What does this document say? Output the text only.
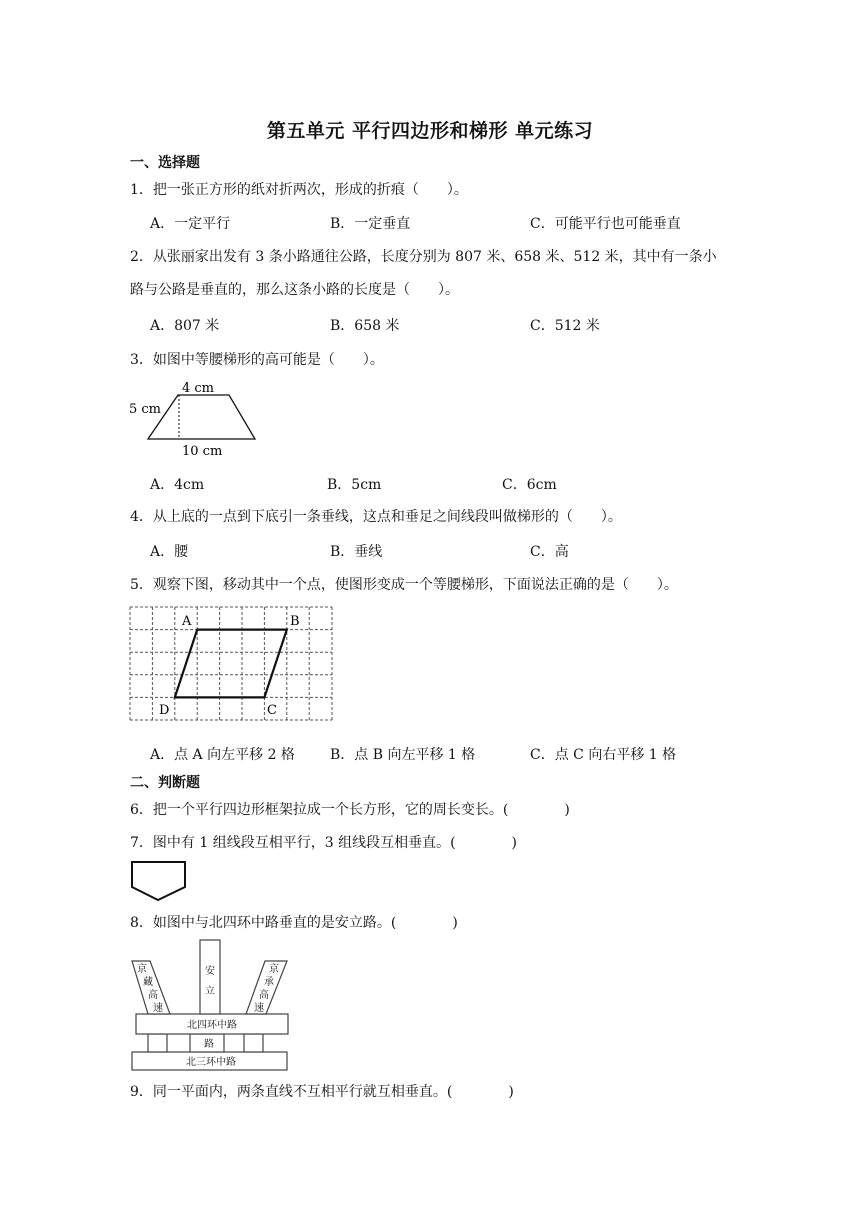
第五单元 平行四边形和梯形 单元练习
一、选择题
1．把一张正方形的纸对折两次，形成的折痕（　　）。
A．一定平行	B．一定垂直	C．可能平行也可能垂直
2．从张丽家出发有 3 条小路通往公路，长度分别为 807 米、658 米、512 米，其中有一条小
路与公路是垂直的，那么这条小路的长度是（　　）。
A．807 米	B．658 米	C．512 米
3．如图中等腰梯形的高可能是（　　）。
4 cm
5 cm
10 cm
A．4cm	B．5cm	C．6cm
4．从上底的一点到下底引一条垂线，这点和垂足之间线段叫做梯形的（　　）。
A．腰	B．垂线	C．高
5．观察下图，移动其中一个点，使图形变成一个等腰梯形，下面说法正确的是（　　）。
A	B
C
D
A．点 A 向左平移 2 格	B．点 B 向左平移 1 格	C．点 C 向右平移 1 格
二、判断题
6．把一个平行四边形框架拉成一个长方形，它的周长变长。(　　　　)
7．图中有 1 组线段互相平行，3 组线段互相垂直。(　　　　)
8．如图中与北四环中路垂直的是安立路。(　　　　)
京
藏
高
速
安
立
京
承
高
速
北四环中路
路
北三环中路
9．同一平面内，两条直线不互相平行就互相垂直。(　　　　)
